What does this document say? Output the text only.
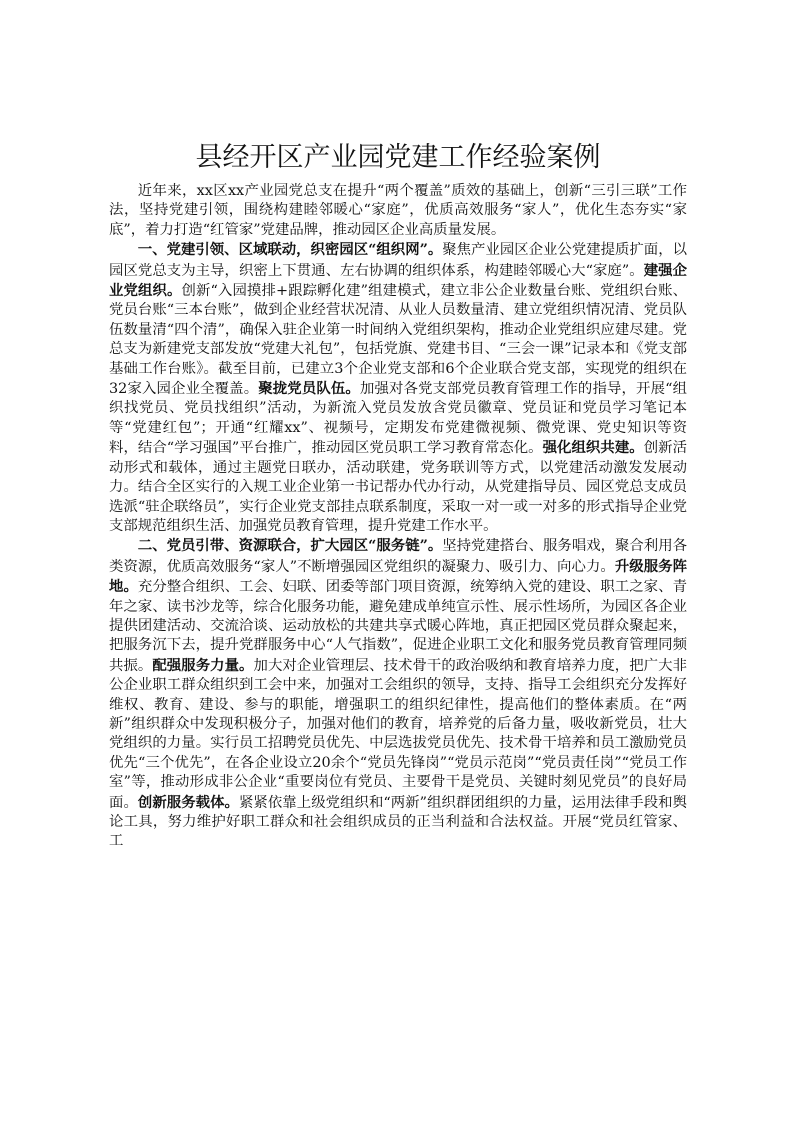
县经开区产业园党建工作经验案例

近年来，xx区xx产业园党总支在提升“两个覆盖”质效的基础上，创新“三引三联”工作法，坚持党建引领，围绕构建睦邻暖心“家庭”，优质高效服务“家人”，优化生态夯实“家底”，着力打造“红管家”党建品牌，推动园区企业高质量发展。

一、党建引领、区域联动，织密园区“组织网”。聚焦产业园区企业公党建提质扩面，以园区党总支为主导，织密上下贯通、左右协调的组织体系，构建睦邻暖心大“家庭”。建强企业党组织。创新“入园摸排+跟踪孵化建”组建模式，建立非公企业数量台账、党组织台账、党员台账“三本台账”，做到企业经营状况清、从业人员数量清、建立党组织情况清、党员队伍数量清“四个清”，确保入驻企业第一时间纳入党组织架构，推动企业党组织应建尽建。党总支为新建党支部发放“党建大礼包”，包括党旗、党建书目、“三会一课”记录本和《党支部基础工作台账》。截至目前，已建立3个企业党支部和6个企业联合党支部，实现党的组织在32家入园企业全覆盖。聚拢党员队伍。加强对各党支部党员教育管理工作的指导，开展“组织找党员、党员找组织”活动，为新流入党员发放含党员徽章、党员证和党员学习笔记本等“党建红包”；开通“红耀xx”、视频号，定期发布党建微视频、微党课、党史知识等资料，结合“学习强国”平台推广，推动园区党员职工学习教育常态化。强化组织共建。创新活动形式和载体，通过主题党日联办，活动联建，党务联训等方式，以党建活动激发发展动力。结合全区实行的入规工业企业第一书记帮办代办行动，从党建指导员、园区党总支成员选派“驻企联络员”，实行企业党支部挂点联系制度，采取一对一或一对多的形式指导企业党支部规范组织生活、加强党员教育管理，提升党建工作水平。

二、党员引带、资源联合，扩大园区“服务链”。坚持党建搭台、服务唱戏，聚合利用各类资源，优质高效服务“家人”不断增强园区党组织的凝聚力、吸引力、向心力。升级服务阵地。充分整合组织、工会、妇联、团委等部门项目资源，统筹纳入党的建设、职工之家、青年之家、读书沙龙等，综合化服务功能，避免建成单纯宣示性、展示性场所，为园区各企业提供团建活动、交流洽谈、运动放松的共建共享式暖心阵地，真正把园区党员群众聚起来，把服务沉下去，提升党群服务中心“人气指数”，促进企业职工文化和服务党员教育管理同频共振。配强服务力量。加大对企业管理层、技术骨干的政治吸纳和教育培养力度，把广大非公企业职工群众组织到工会中来，加强对工会组织的领导，支持、指导工会组织充分发挥好维权、教育、建设、参与的职能，增强职工的组织纪律性，提高他们的整体素质。在“两新”组织群众中发现积极分子，加强对他们的教育，培养党的后备力量，吸收新党员，壮大党组织的力量。实行员工招聘党员优先、中层选拔党员优先、技术骨干培养和员工激励党员优先“三个优先”，在各企业设立20余个“党员先锋岗”“党员示范岗”“党员责任岗”“党员工作室”等，推动形成非公企业“重要岗位有党员、主要骨干是党员、关键时刻见党员”的良好局面。创新服务载体。紧紧依靠上级党组织和“两新”组织群团组织的力量，运用法律手段和舆论工具，努力维护好职工群众和社会组织成员的正当利益和合法权益。开展“党员红管家、工
